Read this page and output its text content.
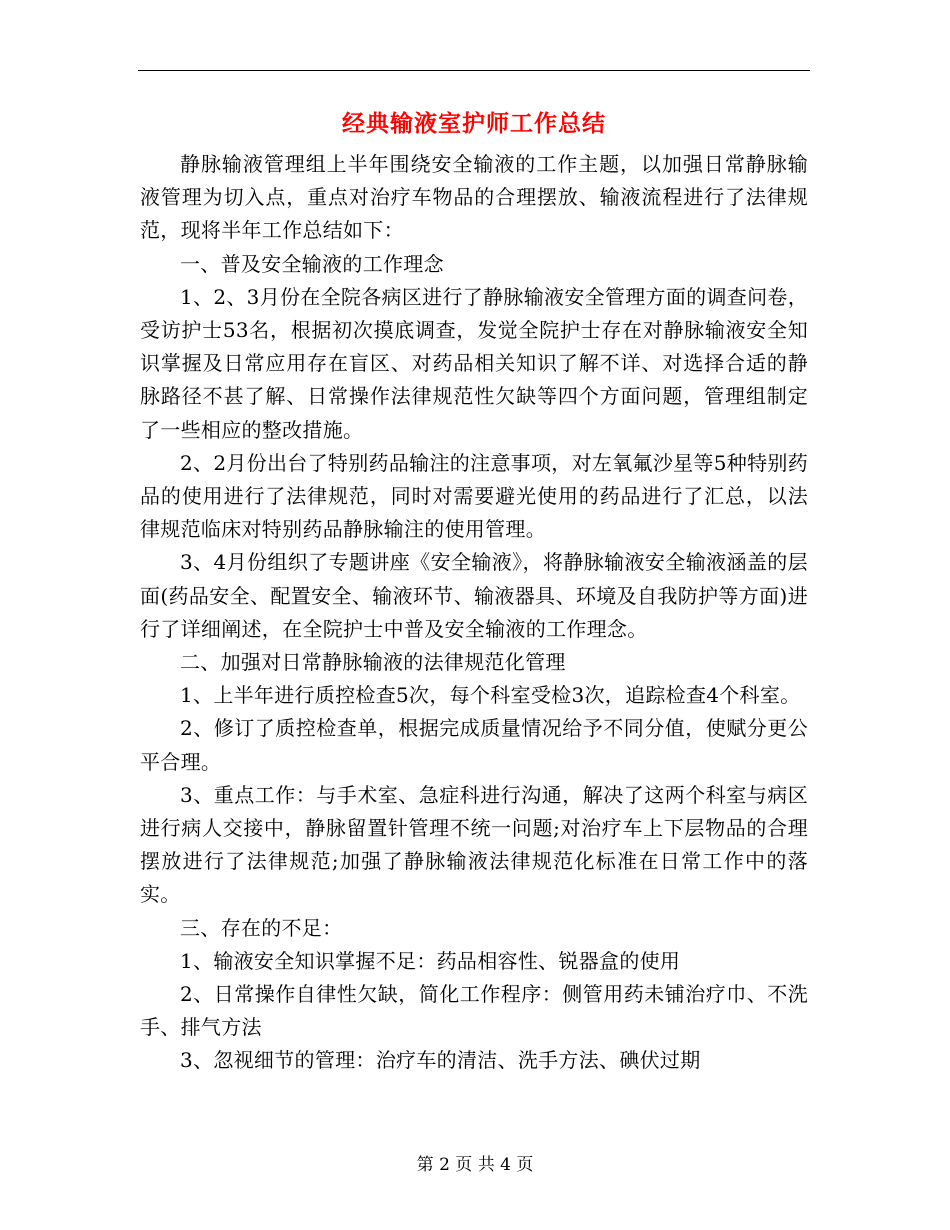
经典输液室护师工作总结

静脉输液管理组上半年围绕安全输液的工作主题，以加强日常静脉输液管理为切入点，重点对治疗车物品的合理摆放、输液流程进行了法律规范，现将半年工作总结如下：

一、普及安全输液的工作理念

1、2、3月份在全院各病区进行了静脉输液安全管理方面的调查问卷，受访护士53名，根据初次摸底调查，发觉全院护士存在对静脉输液安全知识掌握及日常应用存在盲区、对药品相关知识了解不详、对选择合适的静脉路径不甚了解、日常操作法律规范性欠缺等四个方面问题，管理组制定了一些相应的整改措施。

2、2月份出台了特别药品输注的注意事项，对左氧氟沙星等5种特别药品的使用进行了法律规范，同时对需要避光使用的药品进行了汇总，以法律规范临床对特别药品静脉输注的使用管理。

3、4月份组织了专题讲座《安全输液》，将静脉输液安全输液涵盖的层面(药品安全、配置安全、输液环节、输液器具、环境及自我防护等方面)进行了详细阐述，在全院护士中普及安全输液的工作理念。

二、加强对日常静脉输液的法律规范化管理

1、上半年进行质控检查5次，每个科室受检3次，追踪检查4个科室。

2、修订了质控检查单，根据完成质量情况给予不同分值，使赋分更公平合理。

3、重点工作：与手术室、急症科进行沟通，解决了这两个科室与病区进行病人交接中，静脉留置针管理不统一问题;对治疗车上下层物品的合理摆放进行了法律规范;加强了静脉输液法律规范化标准在日常工作中的落实。

三、存在的不足：

1、输液安全知识掌握不足：药品相容性、锐器盒的使用

2、日常操作自律性欠缺，简化工作程序：侧管用药未铺治疗巾、不洗手、排气方法

3、忽视细节的管理：治疗车的清洁、洗手方法、碘伏过期

第 2 页 共 4 页
